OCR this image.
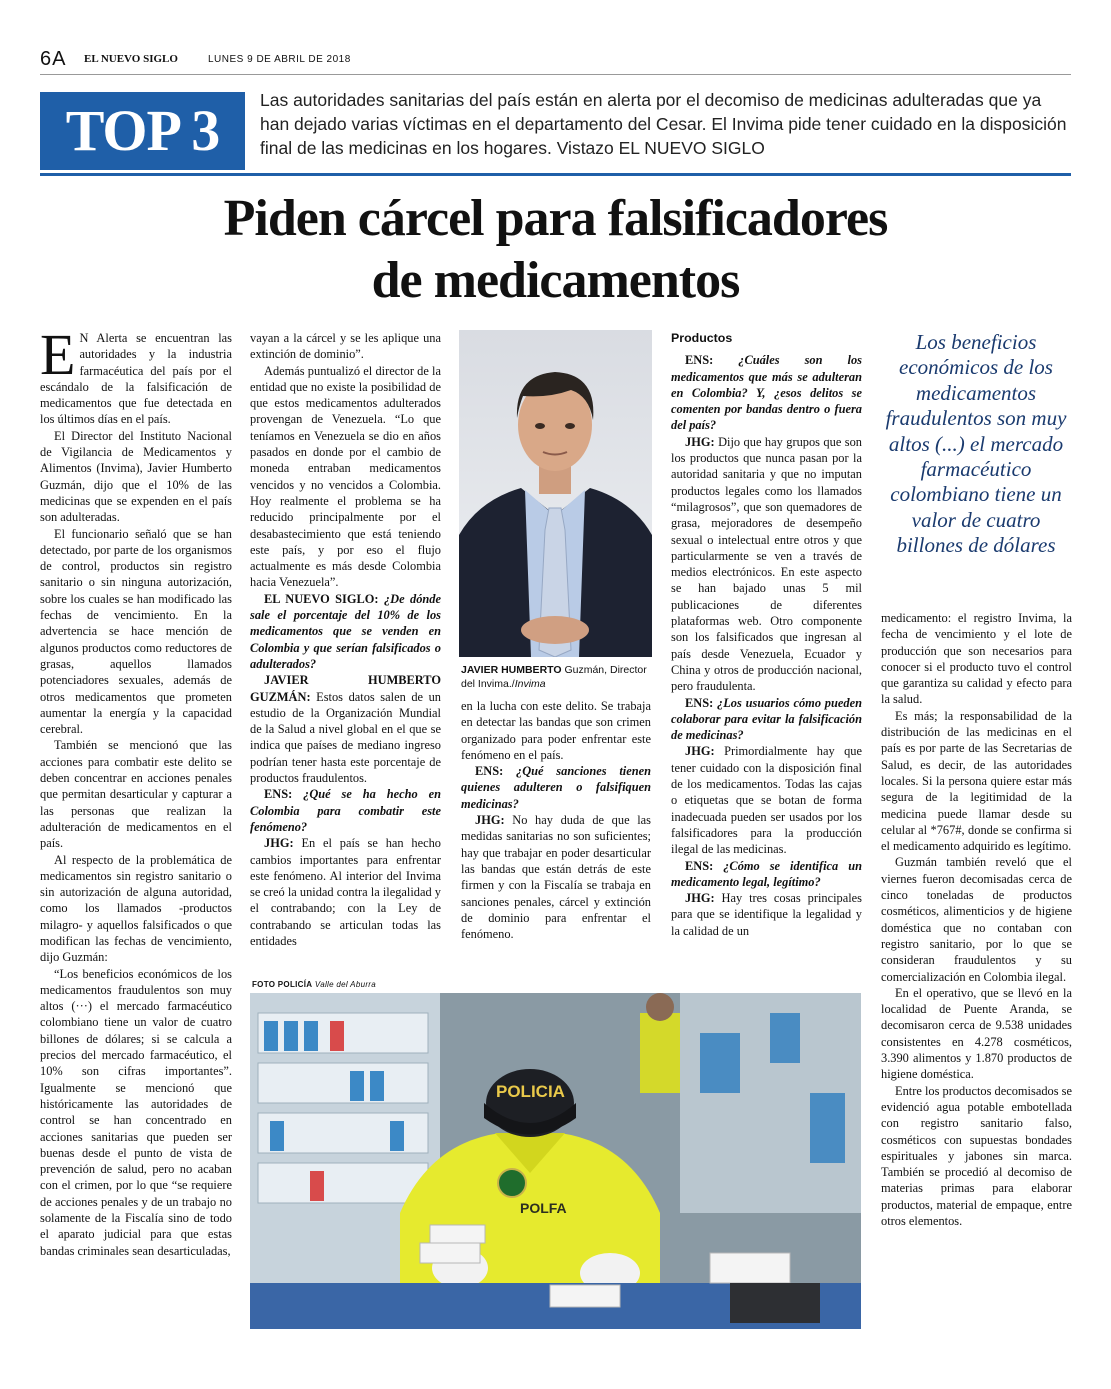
6A EL NUEVO SIGLO	LUNES 9 DE ABRIL DE 2018
TOP 3	Las autoridades sanitarias del país están en alerta por el decomiso de medicinas adulteradas que ya han dejado varias víctimas en el departamento del Cesar. El Invima pide tener cuidado en la disposición final de las medicinas en los hogares. Vistazo EL NUEVO SIGLO
Piden cárcel para falsificadores
de medicamentos

E N Alerta se encuentran las autoridades y la industria farmacéutica del país por el escándalo de la falsificación de medicamentos que fue detectada en los últimos días en el país.

El Director del Instituto Nacional de Vigilancia de Medicamentos y Alimentos (Invima), Javier Humberto Guzmán, dijo que el 10% de las medicinas que se expenden en el país son adulteradas.

El funcionario señaló que se han detectado, por parte de los organismos de control, productos sin registro sanitario o sin ninguna autorización, sobre los cuales se han modificado las fechas de vencimiento. En la advertencia se hace mención de algunos productos como reductores de grasas, aquellos llamados potenciadores sexuales, además de otros medicamentos que prometen aumentar la energía y la capacidad cerebral.

También se mencionó que las acciones para combatir este delito se deben concentrar en acciones penales que permitan desarticular y capturar a las personas que realizan la adulteración de medicamentos en el país.

Al respecto de la problemática de medicamentos sin registro sanitario o sin autorización de alguna autoridad, como los llamados -productos milagro- y aquellos falsificados o que modifican las fechas de vencimiento, dijo Guzmán:

“Los beneficios económicos de los medicamentos fraudulentos son muy altos (···) el mercado farmacéutico colombiano tiene un valor de cuatro billones de dólares; si se calcula a precios del mercado farmacéutico, el 10% son cifras importantes”. Igualmente se mencionó que históricamente las autoridades de control se han concentrado en acciones sanitarias que pueden ser buenas desde el punto de vista de prevención de salud, pero no acaban con el crimen, por lo que “se requiere de acciones penales y de un trabajo no solamente de la Fiscalía sino de todo el aparato judicial para que estas bandas criminales sean desarticuladas,

vayan a la cárcel y se les aplique una extinción de dominio”.

Además puntualizó el director de la entidad que no existe la posibilidad de que estos medicamentos adulterados provengan de Venezuela. “Lo que teníamos en Venezuela se dio en años pasados en donde por el cambio de moneda entraban medicamentos vencidos y no vencidos a Colombia. Hoy realmente el problema se ha reducido principalmente por el desabastecimiento que está teniendo este país, y por eso el flujo actualmente es más desde Colombia hacia Venezuela”.

EL NUEVO SIGLO: ¿De dónde sale el porcentaje del 10% de los medicamentos que se venden en Colombia y que serían falsificados o adulterados?

JAVIER HUMBERTO GUZMÁN: Estos datos salen de un estudio de la Organización Mundial de la Salud a nivel global en el que se indica que países de mediano ingreso podrían tener hasta este porcentaje de productos fraudulentos.

ENS: ¿Qué se ha hecho en Colombia para combatir este fenómeno?

JHG: En el país se han hecho cambios importantes para enfrentar este fenómeno. Al interior del Invima se creó la unidad contra la ilegalidad y el contrabando; con la Ley de contrabando se articulan todas las entidades

JAVIER HUMBERTO Guzmán, Director del Invima./Invima

en la lucha con este delito. Se trabaja en detectar las bandas que son crimen organizado para poder enfrentar este fenómeno en el país.

ENS: ¿Qué sanciones tienen quienes adulteren o falsifiquen medicinas?

JHG: No hay duda de que las medidas sanitarias no son suficientes; hay que trabajar en poder desarticular las bandas que están detrás de este firmen y con la Fiscalía se trabaja en sanciones penales, cárcel y extinción de dominio para enfrentar el fenómeno.

Productos

ENS: ¿Cuáles son los medicamentos que más se adulteran en Colombia? Y, ¿esos delitos se comenten por bandas dentro o fuera del país?

JHG: Dijo que hay grupos que son los productos que nunca pasan por la autoridad sanitaria y que no imputan productos legales como los llamados “milagrosos”, que son quemadores de grasa, mejoradores de desempeño sexual o intelectual entre otros y que particularmente se ven a través de medios electrónicos. En este aspecto se han bajado unas 5 mil publicaciones de diferentes plataformas web. Otro componente son los falsificados que ingresan al país desde Venezuela, Ecuador y China y otros de producción nacional, pero fraudulenta.

ENS: ¿Los usuarios cómo pueden colaborar para evitar la falsificación de medicinas?

JHG: Primordialmente hay que tener cuidado con la disposición final de los medicamentos. Todas las cajas o etiquetas que se botan de forma inadecuada pueden ser usados por los falsificadores para la producción ilegal de las medicinas.

ENS: ¿Cómo se identifica un medicamento legal, legítimo?

JHG: Hay tres cosas principales para que se identifique la legalidad y la calidad de un

Los beneficios económicos de los medicamentos fraudulentos son muy altos (...) el mercado farmacéutico colombiano tiene un valor de cuatro billones de dólares

medicamento: el registro Invima, la fecha de vencimiento y el lote de producción que son necesarios para conocer si el producto tuvo el control que garantiza su calidad y efecto para la salud.

Es más; la responsabilidad de la distribución de las medicinas en el país es por parte de las Secretarias de Salud, es decir, de las autoridades locales. Si la persona quiere estar más segura de la legitimidad de la medicina puede llamar desde su celular al *767#, donde se confirma si el medicamento adquirido es legítimo.

Guzmán también reveló que el viernes fueron decomisadas cerca de cinco toneladas de productos cosméticos, alimenticios y de higiene doméstica que no contaban con registro sanitario, por lo que se consideran fraudulentos y su comercialización en Colombia ilegal.

En el operativo, que se llevó en la localidad de Puente Aranda, se decomisaron cerca de 9.538 unidades consistentes en 4.278 cosméticos, 3.390 alimentos y 1.870 productos de higiene doméstica.

Entre los productos decomisados se evidenció agua potable embotellada con registro sanitario falso, cosméticos con supuestas bondades espirituales y jabones sin marca. También se procedió al decomiso de materias primas para elaborar productos, material de empaque, entre otros elementos.

FOTO POLICÍA Valle del Aburra
POLFA
POLICIA
